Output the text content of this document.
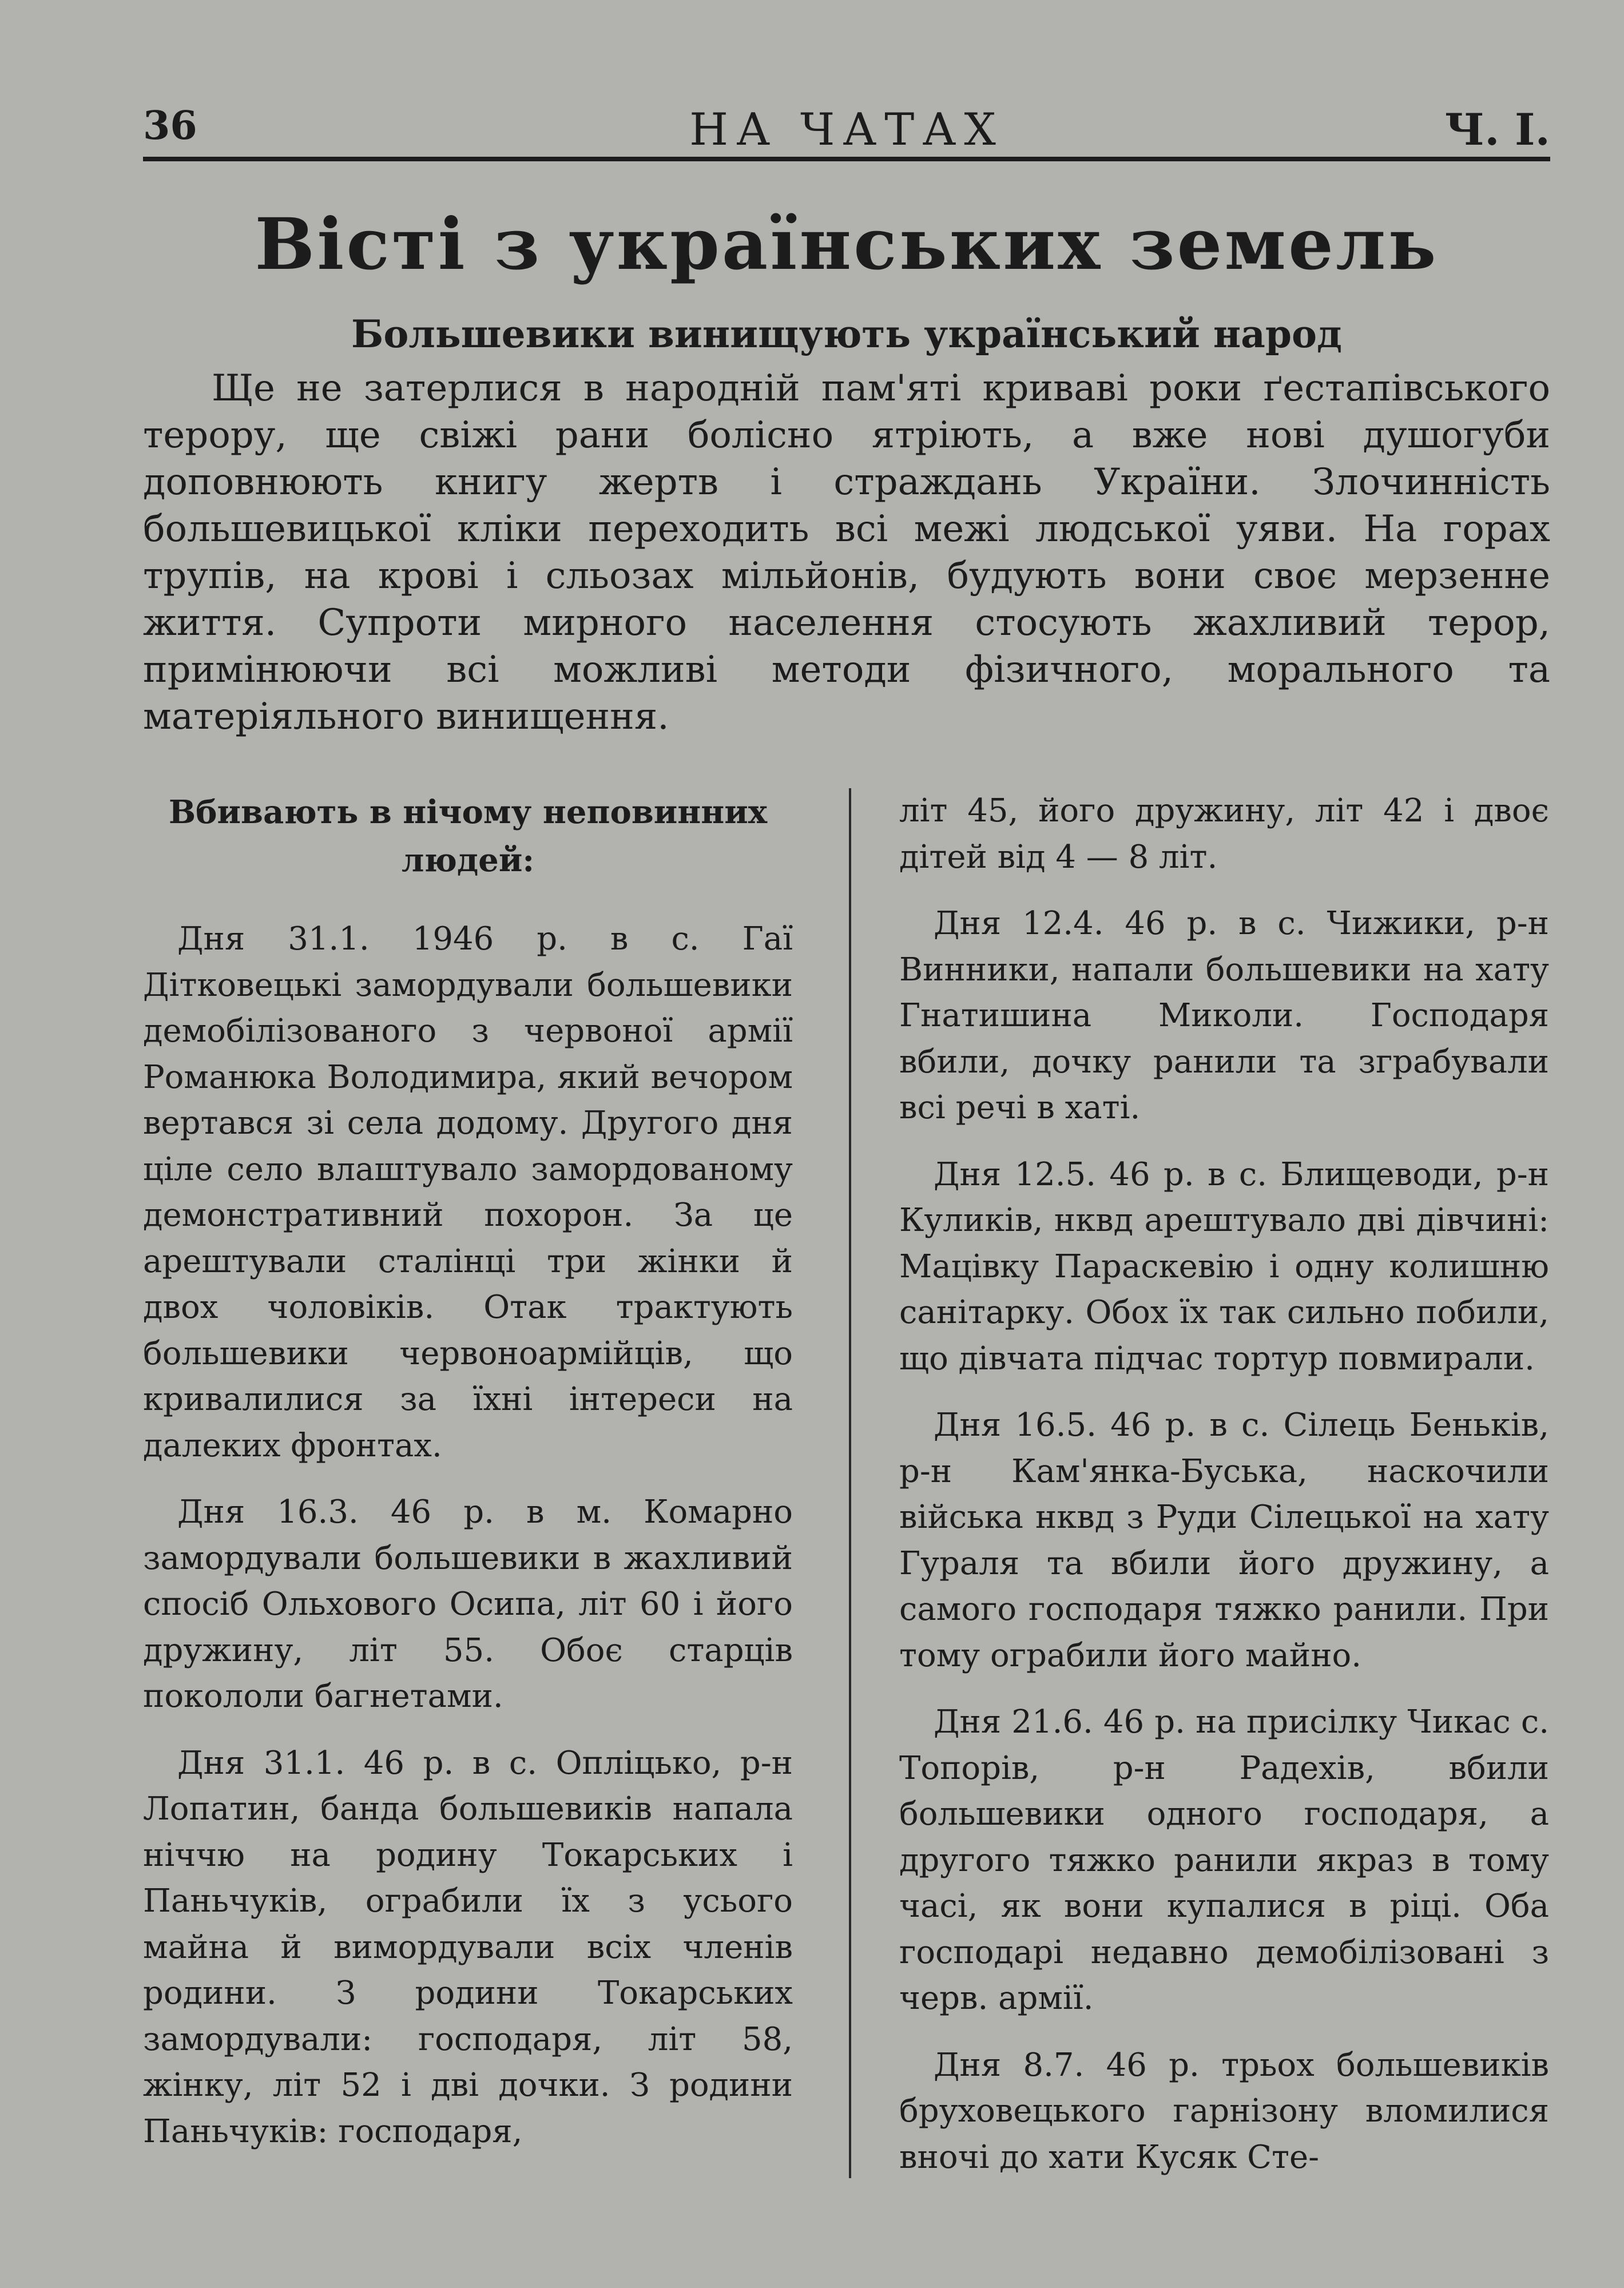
36	НА ЧАТАХ	Ч. І.
Вісті з українських земель
Большевики винищують український народ

Ще не затерлися в народній пам'яті криваві роки ґестапівського терору, ще свіжі рани болісно ятріють, а вже нові душогуби доповнюють книгу жертв і страждань України. Злочинність большевицької кліки переходить всі межі людської уяви. На горах трупів, на крові і сльозах мільйонів, будують вони своє мерзенне життя. Супроти мирного населення стосують жахливий терор, примінюючи всі можливі методи фізичного, морального та матеріяльного винищення.

Вбивають в нічому неповинних людей:

Дня 31.1. 1946 р. в с. Гаї Дітковецькі замордували большевики демобілізованого з червоної армії Романюка Володимира, який вечором вертався зі села додому. Другого дня ціле село влаштувало замордованому демонстративний похорон. За це арештували сталінці три жінки й двох чоловіків. Отак трактують большевики червоноармійців, що кривалилися за їхні інтереси на далеких фронтах.

Дня 16.3. 46 р. в м. Комарно замордували большевики в жахливий спосіб Ольхового Осипа, літ 60 і його дружину, літ 55. Обоє старців покололи багнетами.

Дня 31.1. 46 р. в с. Опліцько, р-н Лопатин, банда большевиків напала ніччю на родину Токарських і Паньчуків, ограбили їх з усього майна й вимордували всіх членів родини. З родини Токарських замордували: господаря, літ 58, жінку, літ 52 і дві дочки. З родини Паньчуків: господаря,

літ 45, його дружину, літ 42 і двоє дітей від 4 — 8 літ.

Дня 12.4. 46 р. в с. Чижики, р-н Винники, напали большевики на хату Гнатишина Миколи. Господаря вбили, дочку ранили та зграбували всі речі в хаті.

Дня 12.5. 46 р. в с. Блищеводи, р-н Куликів, нквд арештувало дві дівчині: Мацівку Параскевію і одну колишню санітарку. Обох їх так сильно побили, що дівчата підчас тортур повмирали.

Дня 16.5. 46 р. в с. Сілець Беньків, р-н Кам'янка-Буська, наскочили війська нквд з Руди Сілецької на хату Гураля та вбили його дружину, а самого господаря тяжко ранили. При тому ограбили його майно.

Дня 21.6. 46 р. на присілку Чикас с. Топорів, р-н Радехів, вбили большевики одного господаря, а другого тяжко ранили якраз в тому часі, як вони купалися в ріці. Оба господарі недавно демобілізовані з черв. армії.

Дня 8.7. 46 р. трьох большевиків бруховецького гарнізону вломилися вночі до хати Кусяк Сте-
